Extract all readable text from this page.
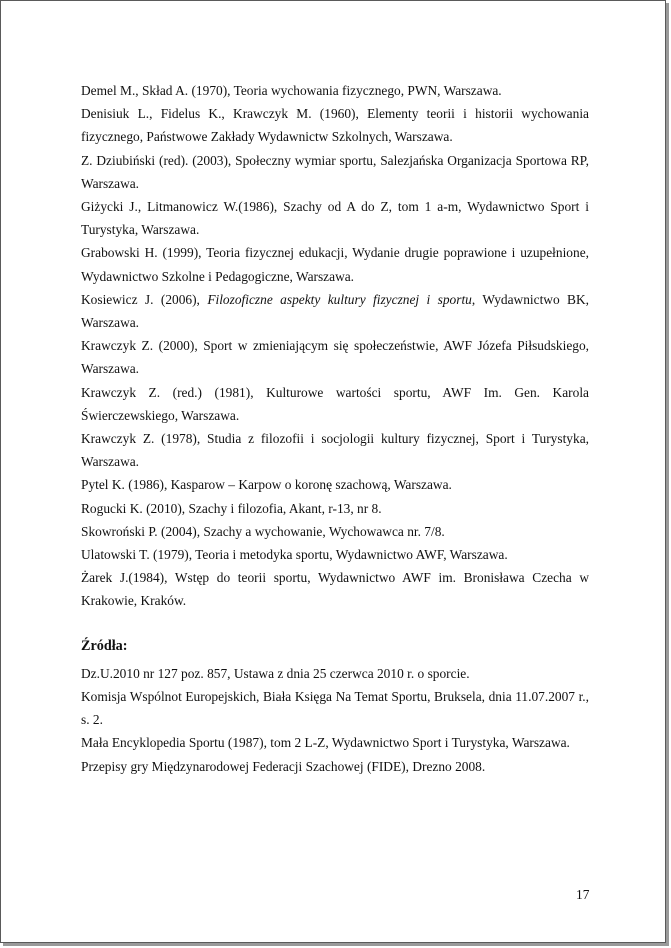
Demel M., Skład A. (1970), Teoria wychowania fizycznego, PWN, Warszawa.

Denisiuk L., Fidelus K., Krawczyk M. (1960), Elementy teorii i historii wychowania fizycznego, Państwowe Zakłady Wydawnictw Szkolnych, Warszawa.

Z. Dziubiński (red). (2003), Społeczny wymiar sportu, Salezjańska Organizacja Sportowa RP, Warszawa.

Giżycki J., Litmanowicz W.(1986), Szachy od A do Z, tom 1 a-m, Wydawnictwo Sport i Turystyka, Warszawa.

Grabowski H. (1999), Teoria fizycznej edukacji, Wydanie drugie poprawione i uzupełnione, Wydawnictwo Szkolne i Pedagogiczne, Warszawa.

Kosiewicz J. (2006), Filozoficzne aspekty kultury fizycznej i sportu, Wydawnictwo BK, Warszawa.

Krawczyk Z. (2000), Sport w zmieniającym się społeczeństwie, AWF Józefa Piłsudskiego, Warszawa.

Krawczyk Z. (red.) (1981), Kulturowe wartości sportu, AWF Im. Gen. Karola Świerczewskiego, Warszawa.

Krawczyk Z. (1978), Studia z filozofii i socjologii kultury fizycznej, Sport i Turystyka, Warszawa.

Pytel K. (1986), Kasparow – Karpow o koronę szachową, Warszawa.

Rogucki K. (2010), Szachy i filozofia, Akant, r-13, nr 8.

Skowroński P. (2004), Szachy a wychowanie, Wychowawca nr. 7/8.

Ulatowski T. (1979), Teoria i metodyka sportu, Wydawnictwo AWF, Warszawa.

Żarek J.(1984), Wstęp do teorii sportu, Wydawnictwo AWF im. Bronisława Czecha w Krakowie, Kraków.

Źródła:

Dz.U.2010 nr 127 poz. 857, Ustawa z dnia 25 czerwca 2010 r. o sporcie.

Komisja Wspólnot Europejskich, Biała Księga Na Temat Sportu, Bruksela, dnia 11.07.2007 r., s. 2.

Mała Encyklopedia Sportu (1987), tom 2 L-Z, Wydawnictwo Sport i Turystyka, Warszawa.

Przepisy gry Międzynarodowej Federacji Szachowej (FIDE), Drezno 2008.

17
